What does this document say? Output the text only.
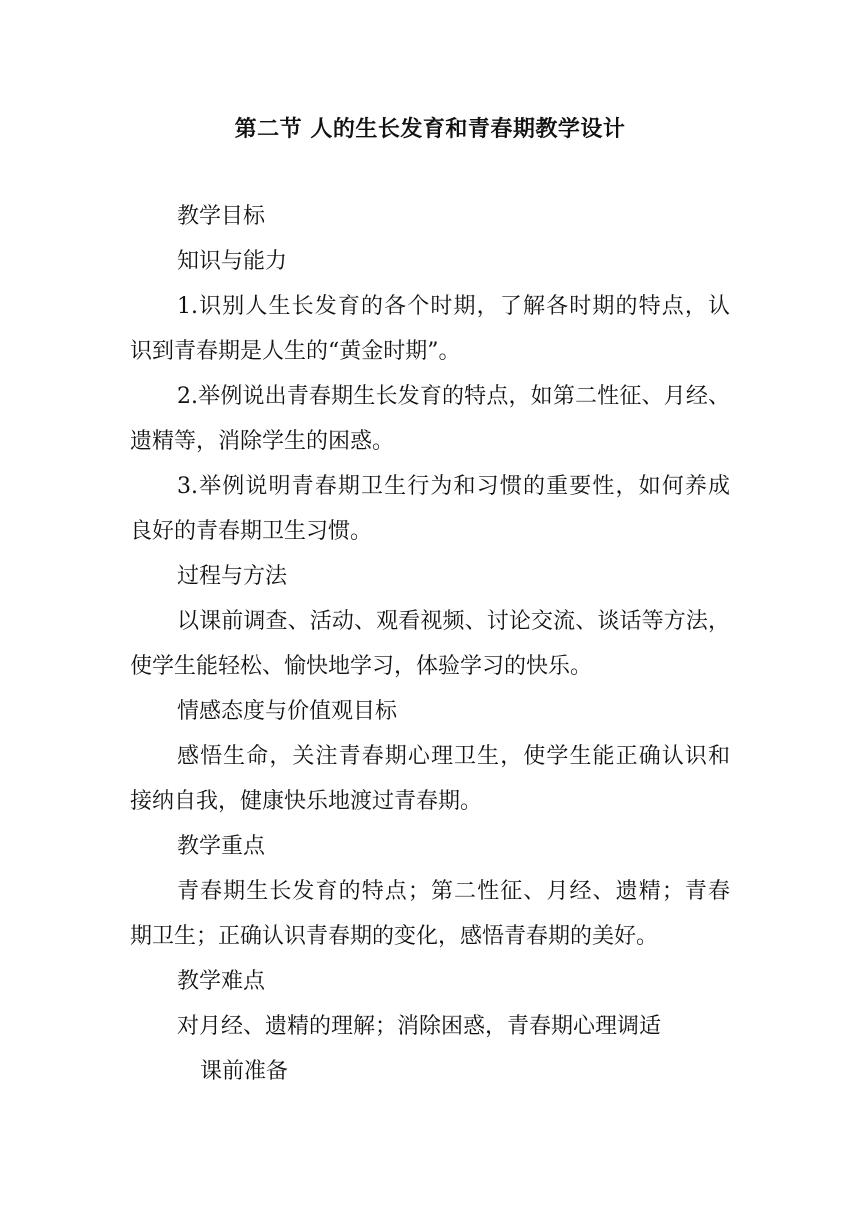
第二节 人的生长发育和青春期教学设计
教学目标
知识与能力
1.识别人生长发育的各个时期，了解各时期的特点，认
识到青春期是人生的“黄金时期”。
2.举例说出青春期生长发育的特点，如第二性征、月经、
遗精等，消除学生的困惑。
3.举例说明青春期卫生行为和习惯的重要性，如何养成
良好的青春期卫生习惯。
过程与方法
以课前调查、活动、观看视频、讨论交流、谈话等方法，
使学生能轻松、愉快地学习，体验学习的快乐。
情感态度与价值观目标
感悟生命，关注青春期心理卫生，使学生能正确认识和
接纳自我，健康快乐地渡过青春期。
教学重点
青春期生长发育的特点；第二性征、月经、遗精；青春
期卫生；正确认识青春期的变化，感悟青春期的美好。
教学难点
对月经、遗精的理解；消除困惑，青春期心理调适
课前准备
